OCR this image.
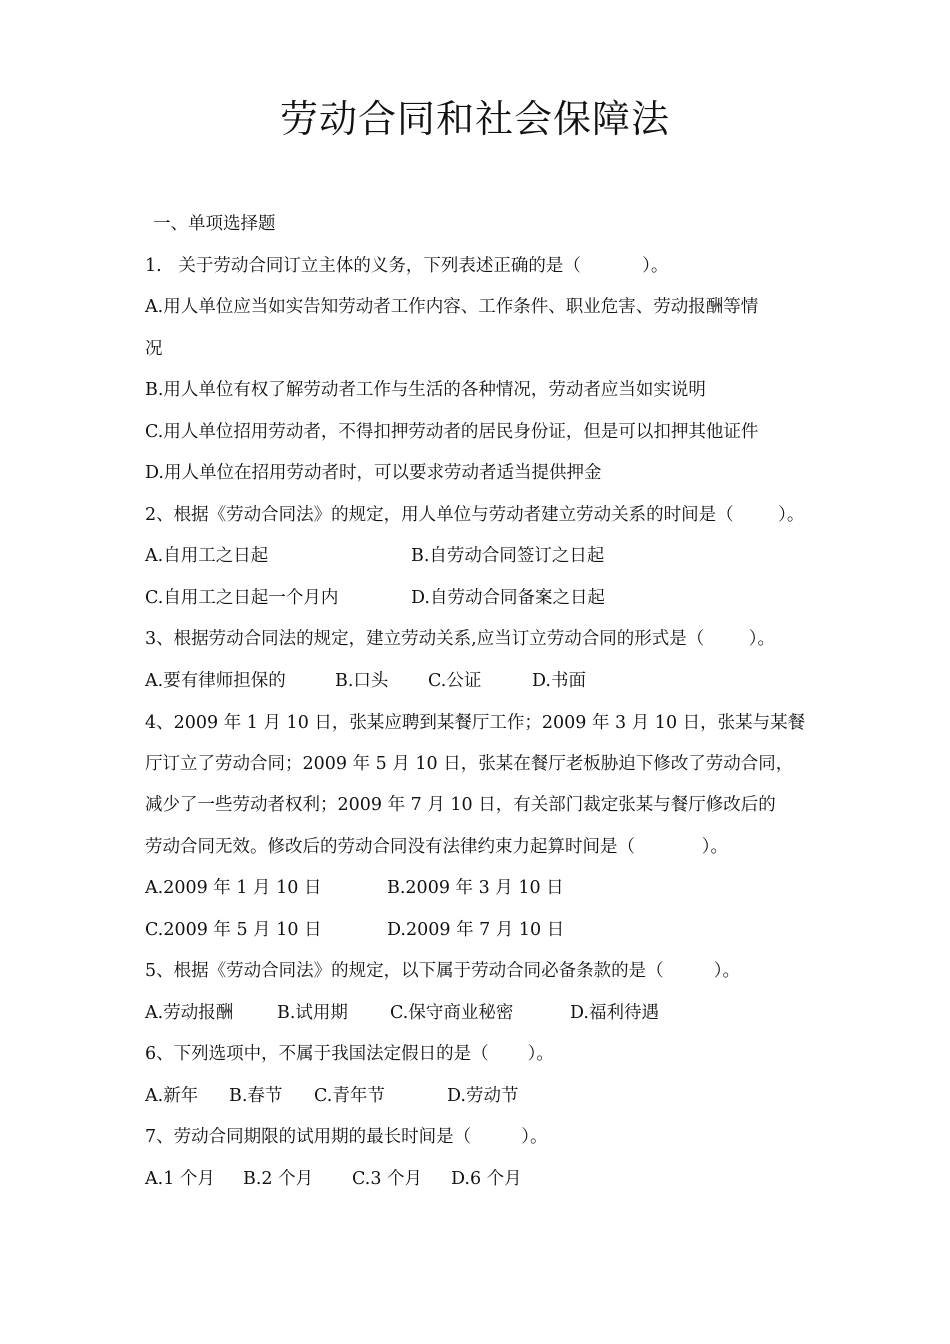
劳动合同和社会保障法
一、单项选择题
1.   关于劳动合同订立主体的义务，下列表述正确的是（           ）。
A.用人单位应当如实告知劳动者工作内容、工作条件、职业危害、劳动报酬等情
况
B.用人单位有权了解劳动者工作与生活的各种情况，劳动者应当如实说明
C.用人单位招用劳动者，不得扣押劳动者的居民身份证，但是可以扣押其他证件
D.用人单位在招用劳动者时，可以要求劳动者适当提供押金
2、根据《劳动合同法》的规定，用人单位与劳动者建立劳动关系的时间是（        ）。
A.自用工之日起	B.自劳动合同签订之日起
C.自用工之日起一个月内	D.自劳动合同备案之日起
3、根据劳动合同法的规定，建立劳动关系,应当订立劳动合同的形式是（        ）。
A.要有律师担保的	B.口头 C.公证	D.书面
4、2009 年 1 月 10 日，张某应聘到某餐厅工作；2009 年 3 月 10 日，张某与某餐
厅订立了劳动合同；2009 年 5 月 10 日，张某在餐厅老板胁迫下修改了劳动合同，
减少了一些劳动者权利；2009 年 7 月 10 日，有关部门裁定张某与餐厅修改后的
劳动合同无效。修改后的劳动合同没有法律约束力起算时间是（            ）。
A.2009 年 1 月 10 日	B.2009 年 3 月 10 日
C.2009 年 5 月 10 日	D.2009 年 7 月 10 日
5、根据《劳动合同法》的规定，以下属于劳动合同必备条款的是（         ）。
A.劳动报酬	B.试用期 C.保守商业秘密	D.福利待遇
6、下列选项中，不属于我国法定假日的是（       ）。
A.新年 B.春节 C.青年节	D.劳动节
7、劳动合同期限的试用期的最长时间是（         ）。
A.1 个月 B.2 个月 C.3 个月 D.6 个月
